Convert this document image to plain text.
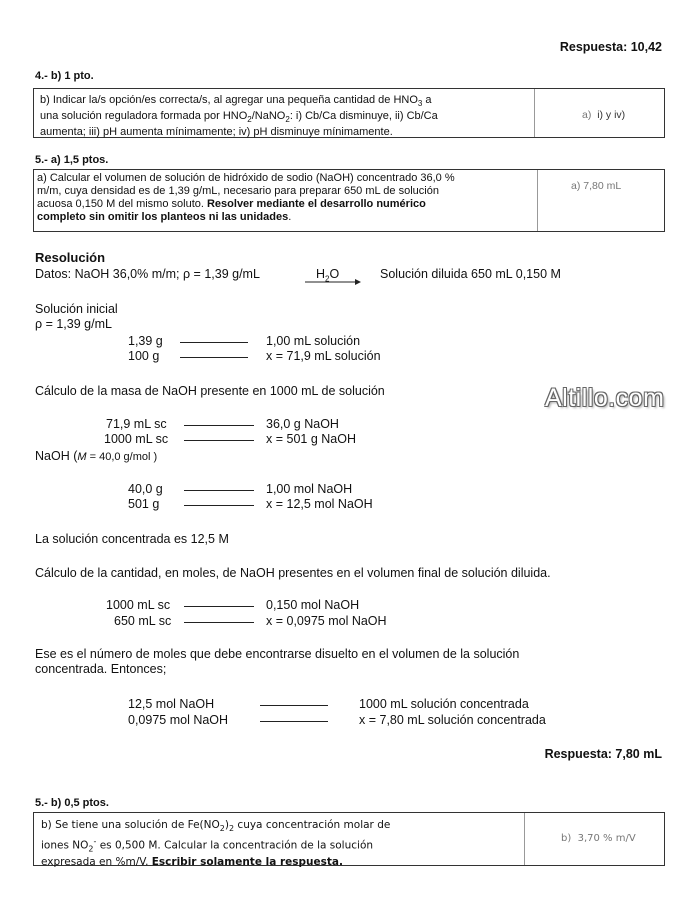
Respuesta: 10,42
4.- b) 1 pto.
b) Indicar la/s opción/es correcta/s, al agregar una pequeña cantidad de $HNO_3$ a
una solución reguladora formada por $HNO_2/NaNO_2$: i) Cb/Ca disminuye, ii) Cb/Ca
aumenta; iii) pH aumenta mínimamente; iv) pH disminuye mínimamente.
a) i) y iv)
5.- a) 1,5 ptos.
a) Calcular el volumen de solución de hidróxido de sodio (NaOH) concentrado 36,0 %
m/m, cuya densidad es de 1,39 g/mL, necesario para preparar 650 mL de solución
acuosa 0,150 M del mismo soluto. Resolver mediante el desarrollo numérico
completo sin omitir los planteos ni las unidades.
a) 7,80 mL
Resolución
Datos: NaOH 36,0% m/m; ρ = 1,39 g/mL	$H_2O$	Solución diluida 650 mL 0,150 M
Solución inicial
ρ = 1,39 g/mL
1,39 g	1,00 mL solución
100 g	x = 71,9 mL solución
Cálculo de la masa de NaOH presente en 1000 mL de solución	Altillo.com
71,9 mL sc	36,0 g NaOH
1000 mL sc	x = 501 g NaOH
NaOH (M = 40,0 g/mol )
40,0 g	1,00 mol NaOH
501 g	x = 12,5 mol NaOH
La solución concentrada es 12,5 M
Cálculo de la cantidad, en moles, de NaOH presentes en el volumen final de solución diluida.
1000 mL sc	0,150 mol NaOH
650 mL sc	x = 0,0975 mol NaOH
Ese es el número de moles que debe encontrarse disuelto en el volumen de la solución
concentrada. Entonces;
12,5 mol NaOH	1000 mL solución concentrada
0,0975 mol NaOH	x = 7,80 mL solución concentrada
Respuesta: 7,80 mL
5.- b) 0,5 ptos.
b) Se tiene una solución de $Fe(NO_2)_2$ cuya concentración molar de
iones $NO_2^-$ es 0,500 M. Calcular la concentración de la solución
expresada en %m/V. Escribir solamente la respuesta.
b) 3,70 % m/V
